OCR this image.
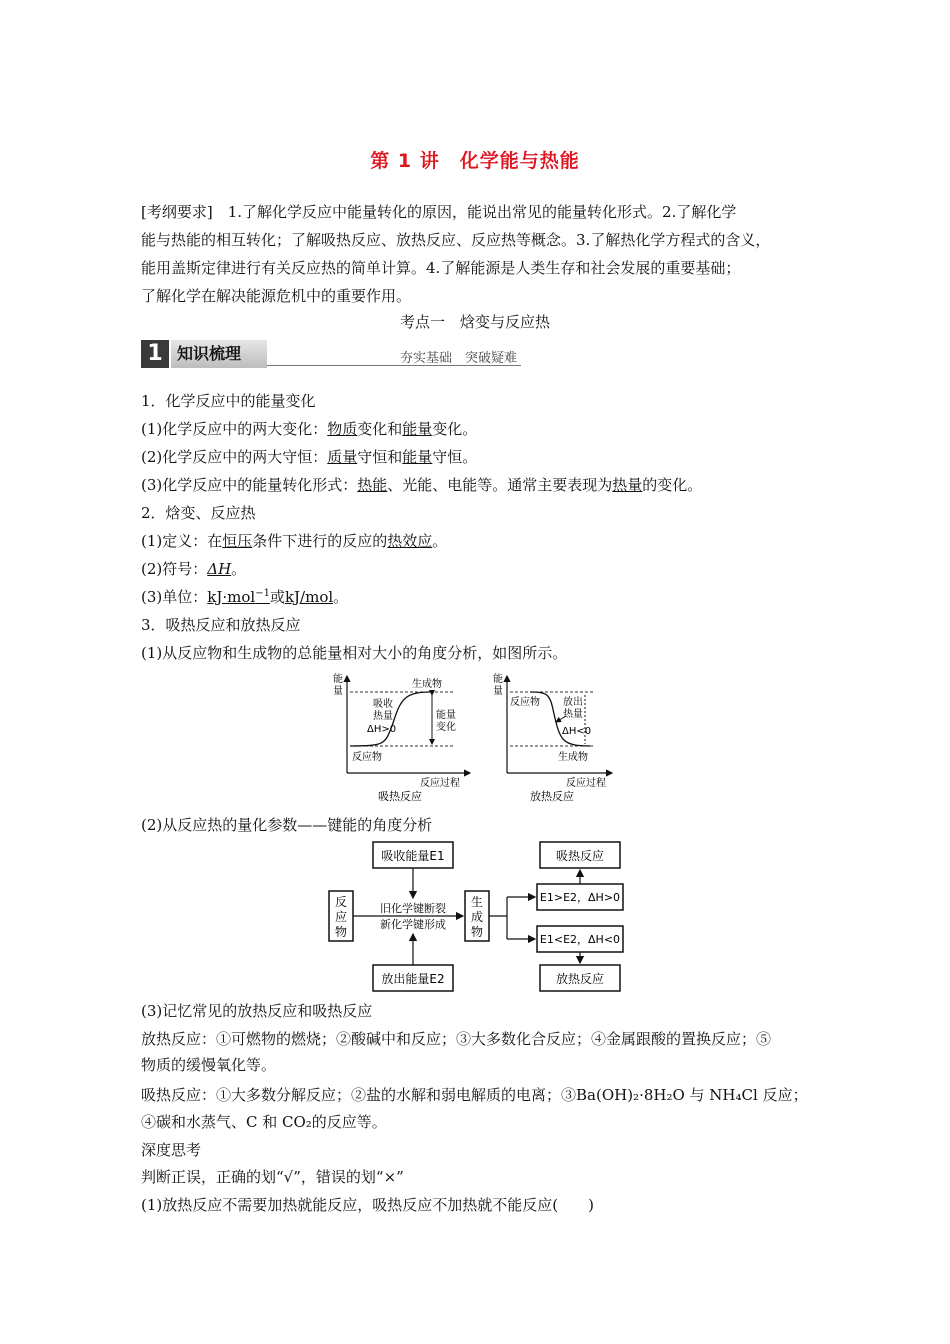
第 1 讲　化学能与热能
[考纲要求]　 1.了解化学反应中能量转化的原因，能说出常见的能量转化形式。2.了解化学
能与热能的相互转化；了解吸热反应、放热反应、反应热等概念。3.了解热化学方程式的含义，
能用盖斯定律进行有关反应热的简单计算。4.了解能源是人类生存和社会发展的重要基础；
了解化学在解决能源危机中的重要作用。
考点一　焓变与反应热
1 知识梳理	夯实基础　突破疑难
1．化学反应中的能量变化
(1)化学反应中的两大变化：物质变化和能量变化。
(2)化学反应中的两大守恒：质量守恒和能量守恒。
(3)化学反应中的能量转化形式：热能、光能、电能等。通常主要表现为热量的变化。
2．焓变、反应热
(1)定义：在恒压条件下进行的反应的热效应。
(2)符号：ΔH。
(3)单位：kJ·mol$^{-1}$或kJ/mol。
3．吸热反应和放热反应
(1)从反应物和生成物的总能量相对大小的角度分析，如图所示。
能
量
生成物
吸收
热量
ΔH>0
能量
变化
反应物
反应过程
吸热反应
能
量
反应物 放出
热量
ΔH<0
生成物
反应过程
放热反应
(2)从反应热的量化参数——键能的角度分析
吸收能量E1
放出能量E2
反
应
物
旧化学键断裂
新化学键形成
生
成
物
E1>E2，ΔH>0
E1<E2，ΔH<0
吸热反应
放热反应
(3)记忆常见的放热反应和吸热反应
放热反应：①可燃物的燃烧；②酸碱中和反应；③大多数化合反应；④金属跟酸的置换反应；⑤
物质的缓慢氧化等。
吸热反应：①大多数分解反应；②盐的水解和弱电解质的电离；③Ba(OH)₂·8H₂O 与 NH₄Cl 反应；
④碳和水蒸气、C 和 CO₂的反应等。
深度思考
判断正误，正确的划“√”，错误的划“×”
(1)放热反应不需要加热就能反应，吸热反应不加热就不能反应(　　)
